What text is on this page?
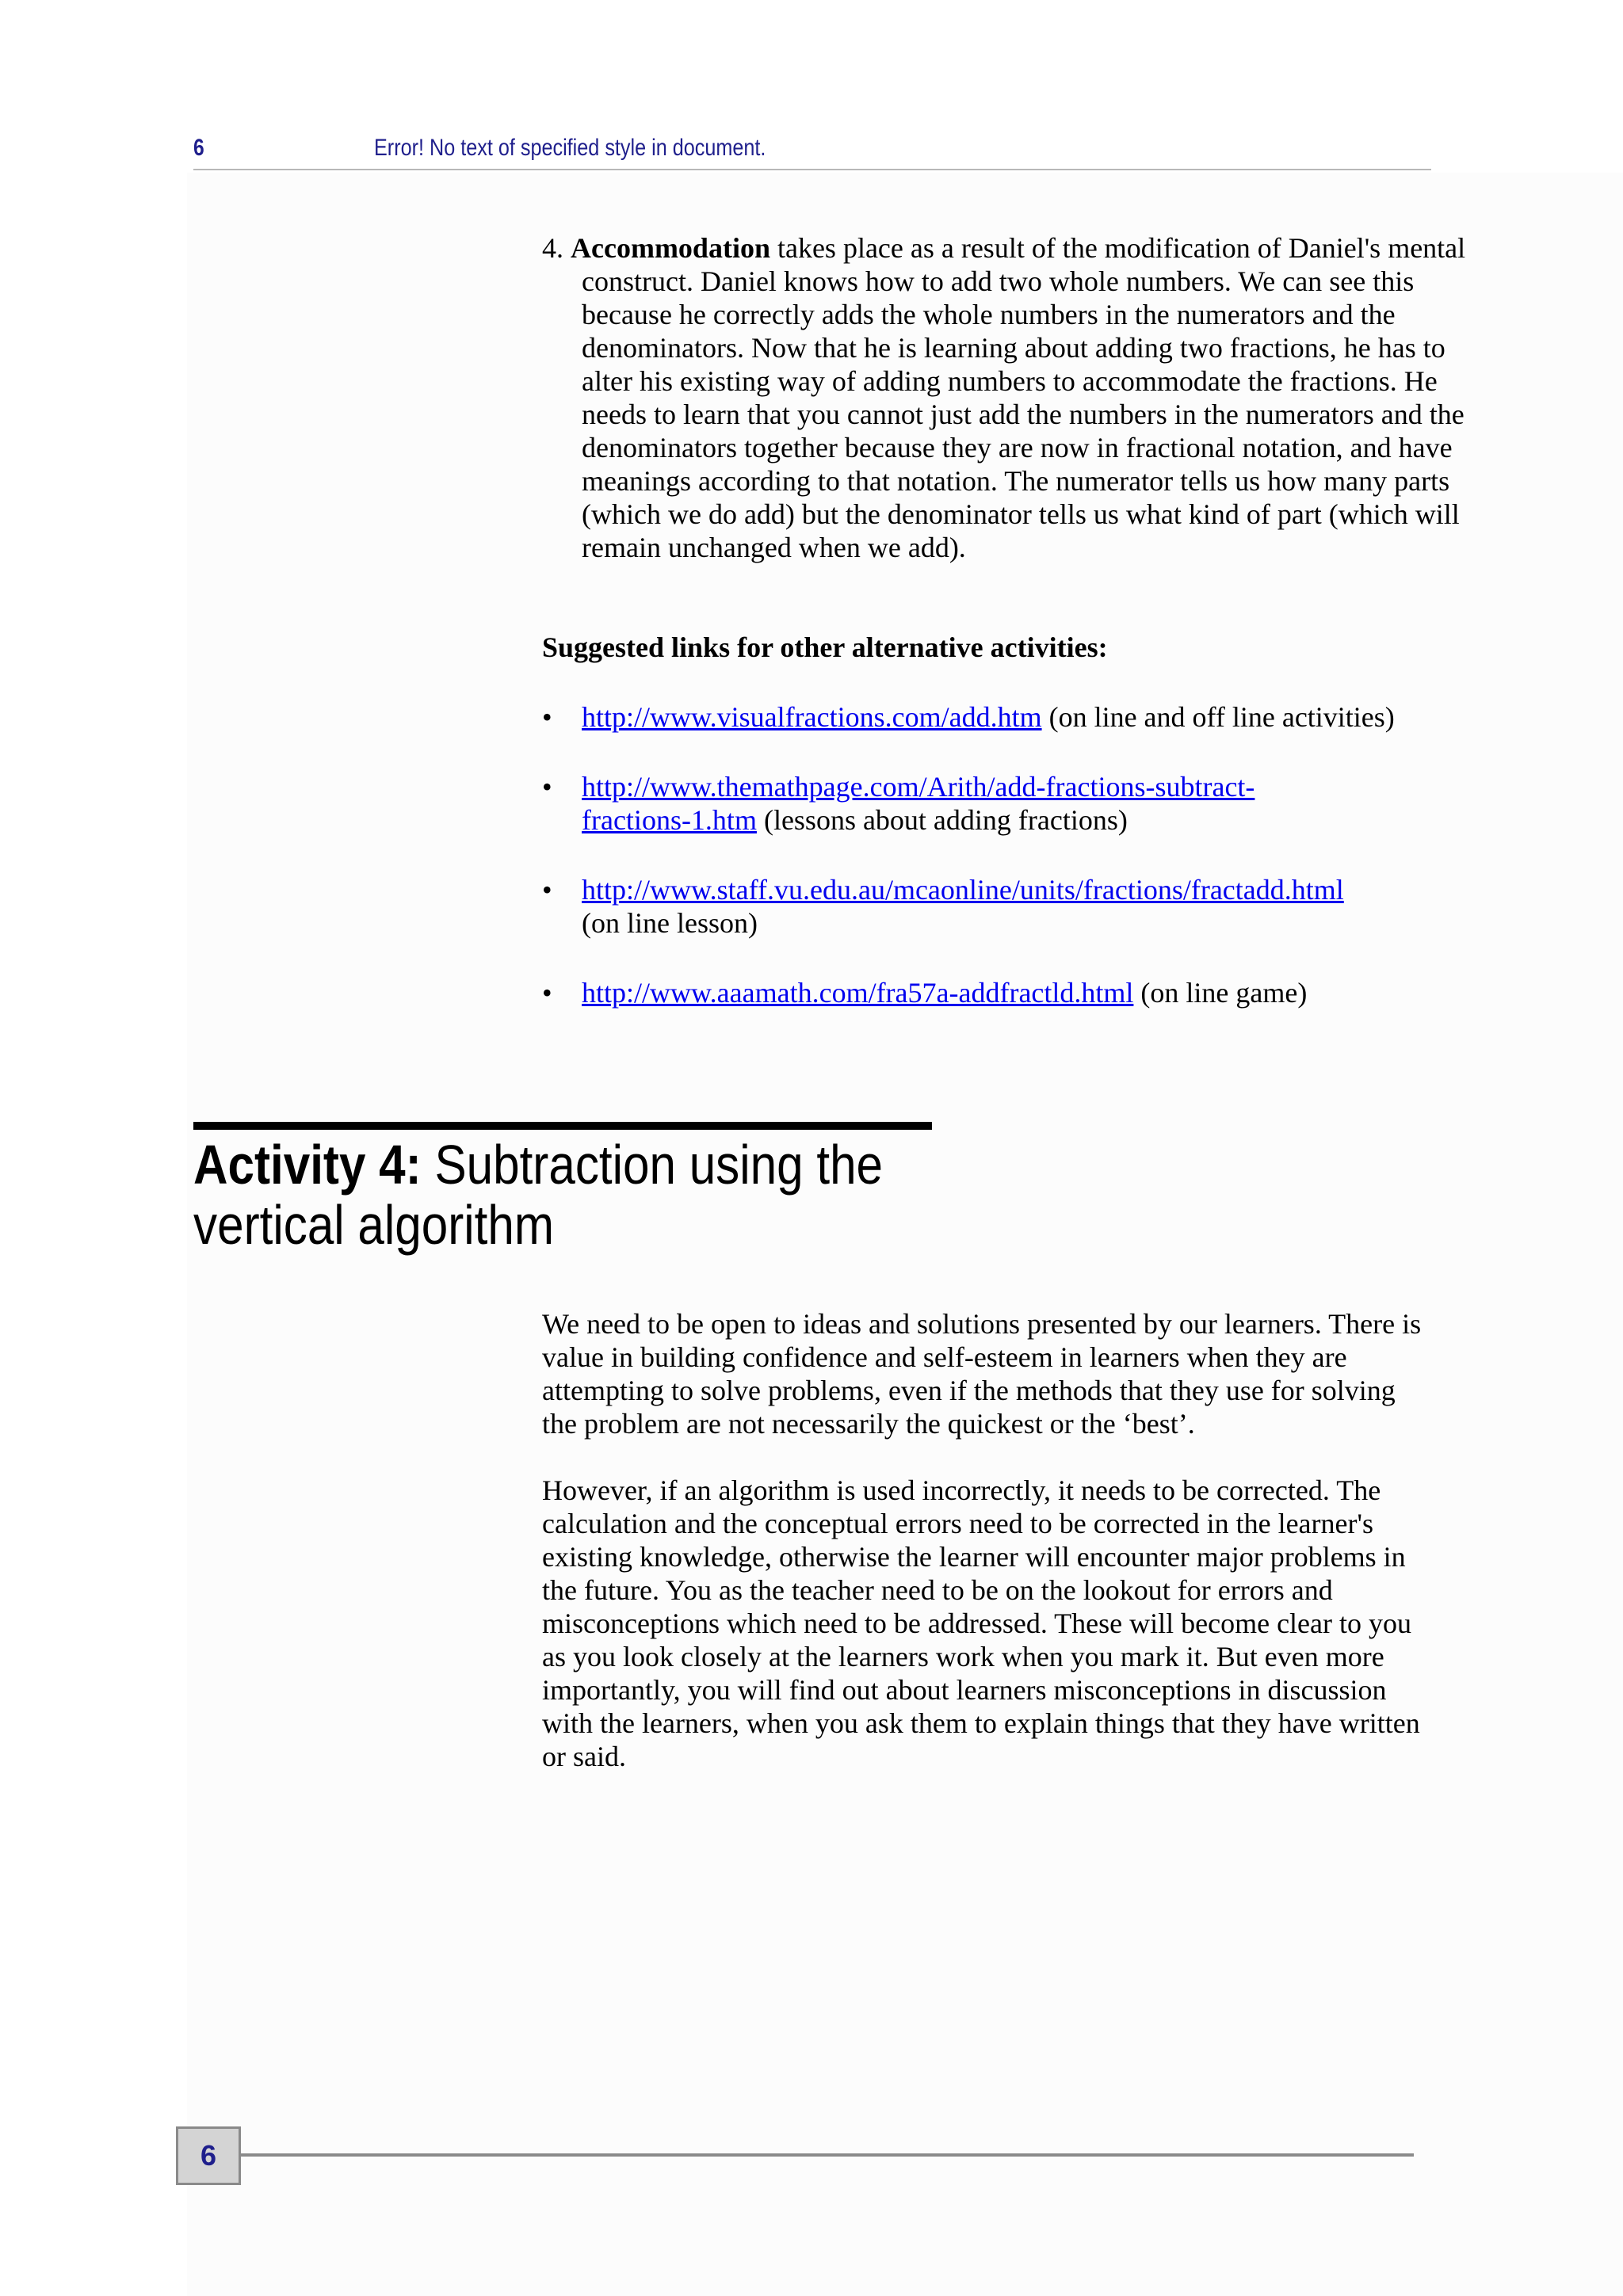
6	Error! No text of specified style in document.
4. Accommodation takes place as a result of the modification of Daniel's mental construct. Daniel knows how to add two whole numbers. We can see this because he correctly adds the whole numbers in the numerators and the denominators. Now that he is learning about adding two fractions, he has to alter his existing way of adding numbers to accommodate the fractions. He needs to learn that you cannot just add the numbers in the numerators and the denominators together because they are now in fractional notation, and have meanings according to that notation. The numerator tells us how many parts (which we do add) but the denominator tells us what kind of part (which will remain unchanged when we add).
Suggested links for other alternative activities:
• http://www.visualfractions.com/add.htm (on line and off line activities)
• http://www.themathpage.com/Arith/add-fractions-subtract-
fractions-1.htm (lessons about adding fractions)
• http://www.staff.vu.edu.au/mcaonline/units/fractions/fractadd.html
(on line lesson)
• http://www.aaamath.com/fra57a-addfractld.html (on line game)
Activity 4: Subtraction using the vertical algorithm
We need to be open to ideas and solutions presented by our learners. There is value in building confidence and self-esteem in learners when they are attempting to solve problems, even if the methods that they use for solving the problem are not necessarily the quickest or the ‘best’.
However, if an algorithm is used incorrectly, it needs to be corrected. The calculation and the conceptual errors need to be corrected in the learner's existing knowledge, otherwise the learner will encounter major problems in the future. You as the teacher need to be on the lookout for errors and misconceptions which need to be addressed. These will become clear to you as you look closely at the learners work when you mark it. But even more importantly, you will find out about learners misconceptions in discussion with the learners, when you ask them to explain things that they have written or said.
6
